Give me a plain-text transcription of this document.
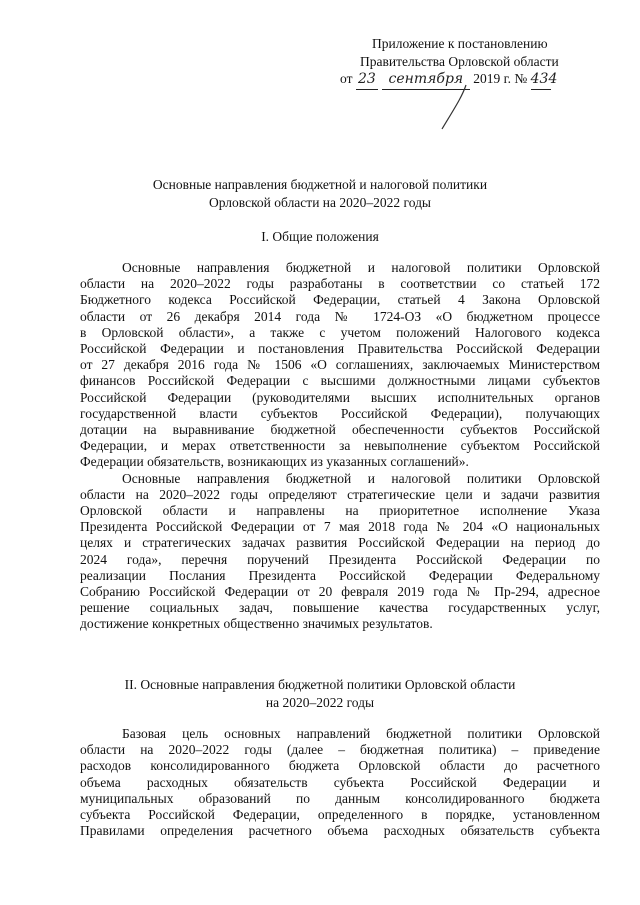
Приложение к постановлению
Правительства Орловской области
от 23 сентября 2019 г. № 434
Основные направления бюджетной и налоговой политики
Орловской области на 2020–2022 годы
I. Общие положения

Основные направления бюджетной и налоговой политики Орловской
области на 2020–2022 годы разработаны в соответствии со статьей 172
Бюджетного кодекса Российской Федерации, статьей 4 Закона Орловской
области от 26 декабря 2014 года № 1724-ОЗ «О бюджетном процессе
в Орловской области», а также с учетом положений Налогового кодекса
Российской Федерации и постановления Правительства Российской Федерации
от 27 декабря 2016 года № 1506 «О соглашениях, заключаемых Министерством
финансов Российской Федерации с высшими должностными лицами субъектов
Российской Федерации (руководителями высших исполнительных органов
государственной власти субъектов Российской Федерации), получающих
дотации на выравнивание бюджетной обеспеченности субъектов Российской
Федерации, и мерах ответственности за невыполнение субъектом Российской
Федерации обязательств, возникающих из указанных соглашений».

Основные направления бюджетной и налоговой политики Орловской
области на 2020–2022 годы определяют стратегические цели и задачи развития
Орловской области и направлены на приоритетное исполнение Указа
Президента Российской Федерации от 7 мая 2018 года № 204 «О национальных
целях и стратегических задачах развития Российской Федерации на период до
2024 года», перечня поручений Президента Российской Федерации по
реализации Послания Президента Российской Федерации Федеральному
Собранию Российской Федерации от 20 февраля 2019 года № Пр-294, адресное
решение социальных задач, повышение качества государственных услуг,
достижение конкретных общественно значимых результатов.

II. Основные направления бюджетной политики Орловской области
на 2020–2022 годы

Базовая цель основных направлений бюджетной политики Орловской
области на 2020–2022 годы (далее – бюджетная политика) – приведение
расходов консолидированного бюджета Орловской области до расчетного
объема расходных обязательств субъекта Российской Федерации и
муниципальных образований по данным консолидированного бюджета
субъекта Российской Федерации, определенного в порядке, установленном
Правилами определения расчетного объема расходных обязательств субъекта
